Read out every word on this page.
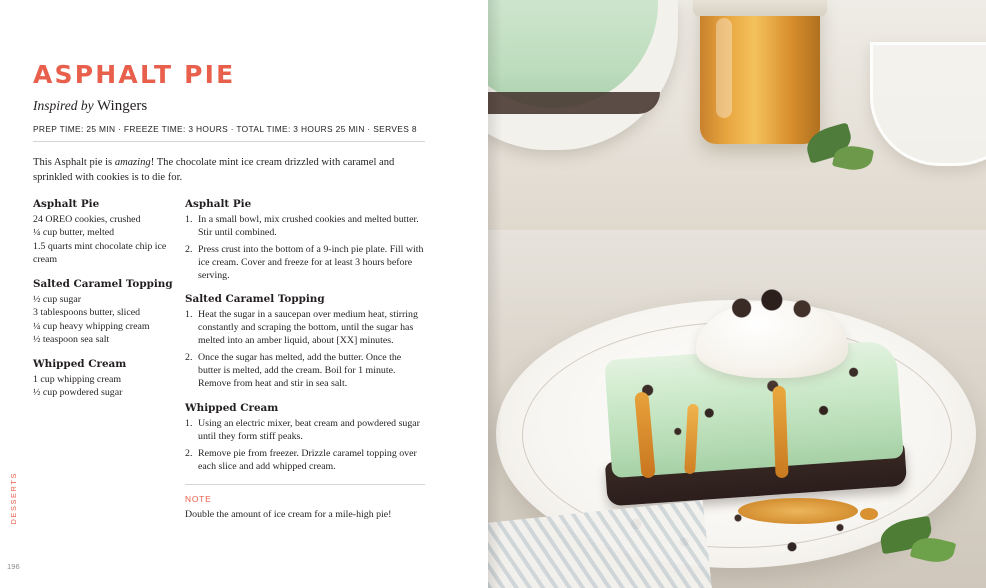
ASPHALT PIE
Inspired by Wingers
PREP TIME: 25 MIN · FREEZE TIME: 3 HOURS · TOTAL TIME: 3 HOURS 25 MIN · SERVES 8

This Asphalt pie is amazing! The chocolate mint ice cream drizzled with caramel and sprinkled with cookies is to die for.

Asphalt Pie

24 OREO cookies, crushed

¼ cup butter, melted

1.5 quarts mint chocolate chip ice cream

Salted Caramel Topping

½ cup sugar

3 tablespoons butter, sliced

¼ cup heavy whipping cream

½ teaspoon sea salt

Whipped Cream

1 cup whipping cream

½ cup powdered sugar

Asphalt Pie
In a small bowl, mix crushed cookies and melted butter. Stir until combined.
Press crust into the bottom of a 9-inch pie plate. Fill with ice cream. Cover and freeze for at least 3 hours before serving.
Salted Caramel Topping
Heat the sugar in a saucepan over medium heat, stirring constantly and scraping the bottom, until the sugar has melted into an amber liquid, about [XX] minutes.
Once the sugar has melted, add the butter. Once the butter is melted, add the cream. Boil for 1 minute. Remove from heat and stir in sea salt.
Whipped Cream
Using an electric mixer, beat cream and powdered sugar until they form stiff peaks.
Remove pie from freezer. Drizzle caramel topping over each slice and add whipped cream.
NOTE
Double the amount of ice cream for a mile-high pie!
DESSERTS
196
